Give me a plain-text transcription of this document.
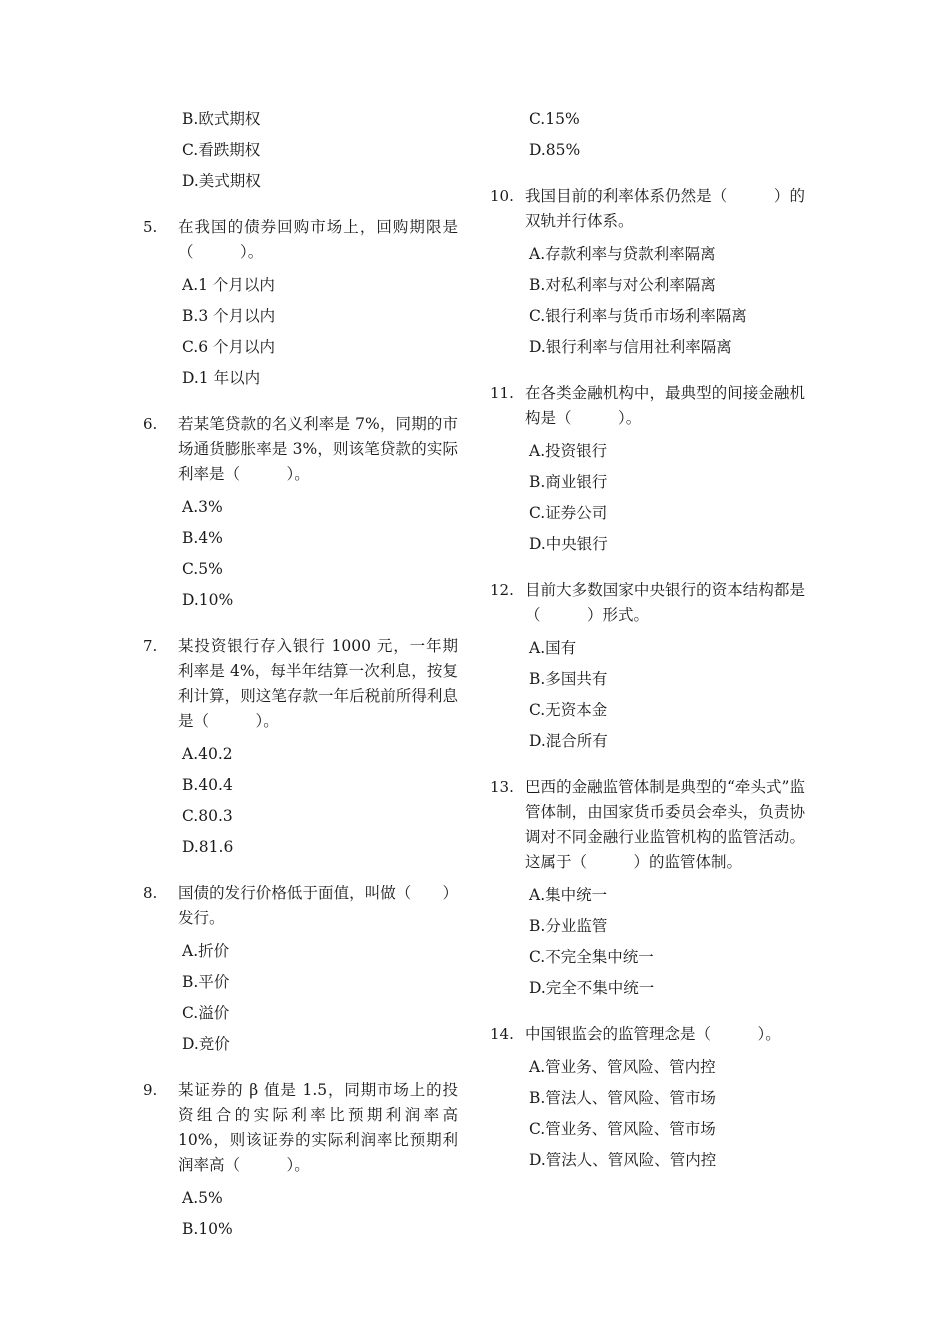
B.欧式期权
C.看跌期权
D.美式期权
5.	在我国的债券回购市场上，回购期限是（　　　）。
A.1 个月以内
B.3 个月以内
C.6 个月以内
D.1 年以内
6.	若某笔贷款的名义利率是 7%，同期的市场通货膨胀率是 3%，则该笔贷款的实际利率是（　　　）。
A.3%
B.4%
C.5%
D.10%
7.	某投资银行存入银行 1000 元，一年期利率是 4%，每半年结算一次利息，按复利计算，则这笔存款一年后税前所得利息是（　　　）。
A.40.2
B.40.4
C.80.3
D.81.6
8.	国债的发行价格低于面值，叫做（　　）发行。
A.折价
B.平价
C.溢价
D.竞价
9.	某证券的 β 值是 1.5，同期市场上的投资组合的实际利率比预期利润率高 10%，则该证券的实际利润率比预期利润率高（　　　）。
A.5%
B.10%
C.15%
D.85%
10. 我国目前的利率体系仍然是（　　　）的双轨并行体系。
A.存款利率与贷款利率隔离
B.对私利率与对公利率隔离
C.银行利率与货币市场利率隔离
D.银行利率与信用社利率隔离
11. 在各类金融机构中，最典型的间接金融机构是（　　　）。
A.投资银行
B.商业银行
C.证券公司
D.中央银行
12. 目前大多数国家中央银行的资本结构都是（　　　）形式。
A.国有
B.多国共有
C.无资本金
D.混合所有
13. 巴西的金融监管体制是典型的“牵头式”监管体制，由国家货币委员会牵头，负责协调对不同金融行业监管机构的监管活动。这属于（　　　）的监管体制。
A.集中统一
B.分业监管
C.不完全集中统一
D.完全不集中统一
14. 中国银监会的监管理念是（　　　）。
A.管业务、管风险、管内控
B.管法人、管风险、管市场
C.管业务、管风险、管市场
D.管法人、管风险、管内控
